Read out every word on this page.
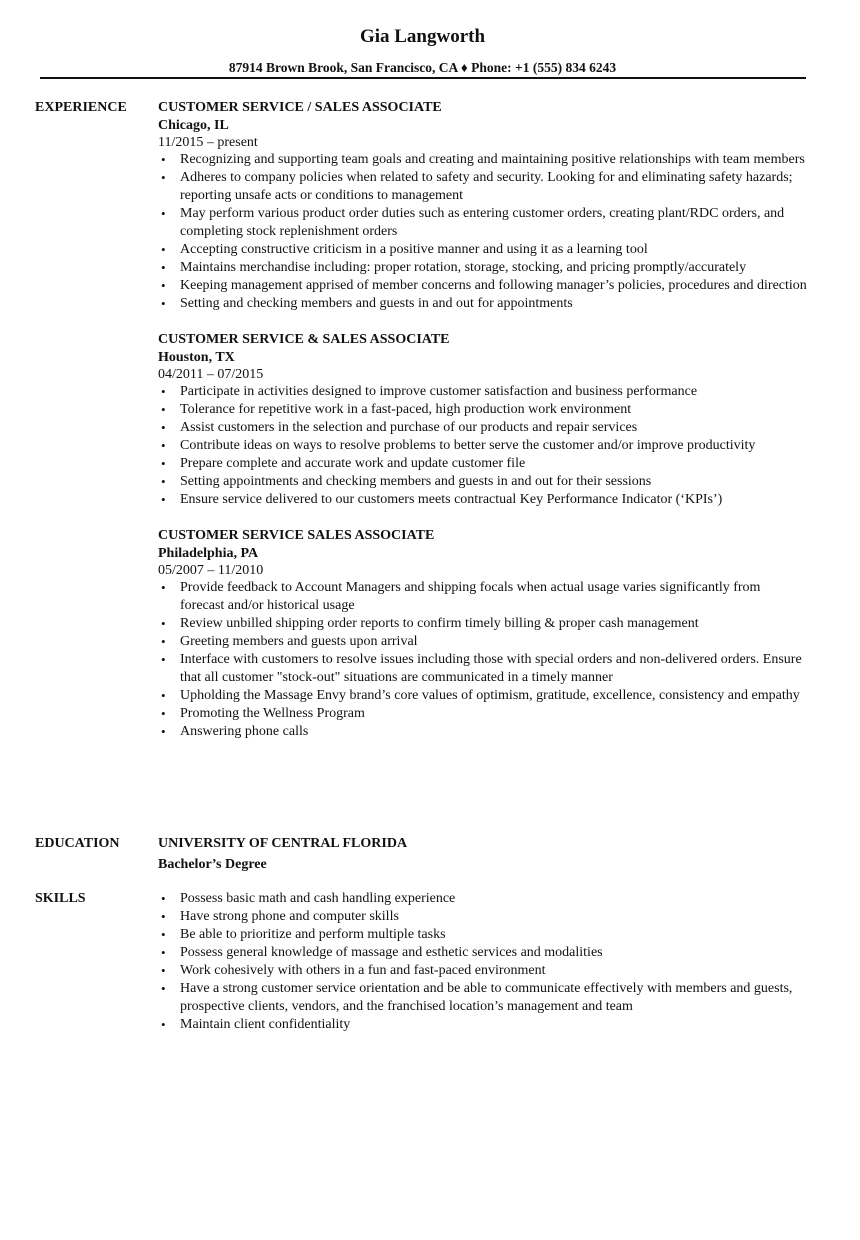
Gia Langworth
87914 Brown Brook, San Francisco, CA ♦ Phone: +1 (555) 834 6243
EXPERIENCE CUSTOMER SERVICE / SALES ASSOCIATE
Chicago, IL
11/2015 – present
• Recognizing and supporting team goals and creating and maintaining positive relationships with team members
• Adheres to company policies when related to safety and security. Looking for and eliminating safety hazards; reporting unsafe acts or conditions to management
• May perform various product order duties such as entering customer orders, creating plant/RDC orders, and completing stock replenishment orders
• Accepting constructive criticism in a positive manner and using it as a learning tool
• Maintains merchandise including: proper rotation, storage, stocking, and pricing promptly/accurately
• Keeping management apprised of member concerns and following manager’s policies, procedures and direction
• Setting and checking members and guests in and out for appointments
CUSTOMER SERVICE & SALES ASSOCIATE
Houston, TX
04/2011 – 07/2015
• Participate in activities designed to improve customer satisfaction and business performance
• Tolerance for repetitive work in a fast-paced, high production work environment
• Assist customers in the selection and purchase of our products and repair services
• Contribute ideas on ways to resolve problems to better serve the customer and/or improve productivity
• Prepare complete and accurate work and update customer file
• Setting appointments and checking members and guests in and out for their sessions
• Ensure service delivered to our customers meets contractual Key Performance Indicator (‘KPIs’)
CUSTOMER SERVICE SALES ASSOCIATE
Philadelphia, PA
05/2007 – 11/2010
• Provide feedback to Account Managers and shipping focals when actual usage varies significantly from forecast and/or historical usage
• Review unbilled shipping order reports to confirm timely billing & proper cash management
• Greeting members and guests upon arrival
• Interface with customers to resolve issues including those with special orders and non-delivered orders. Ensure that all customer "stock-out" situations are communicated in a timely manner
• Upholding the Massage Envy brand’s core values of optimism, gratitude, excellence, consistency and empathy
• Promoting the Wellness Program
• Answering phone calls
EDUCATION	UNIVERSITY OF CENTRAL FLORIDA
Bachelor’s Degree
SKILLS
•	Possess basic math and cash handling experience
• Have strong phone and computer skills
• Be able to prioritize and perform multiple tasks
• Possess general knowledge of massage and esthetic services and modalities
• Work cohesively with others in a fun and fast-paced environment
• Have a strong customer service orientation and be able to communicate effectively with members and guests, prospective clients, vendors, and the franchised location’s management and team
• Maintain client confidentiality
